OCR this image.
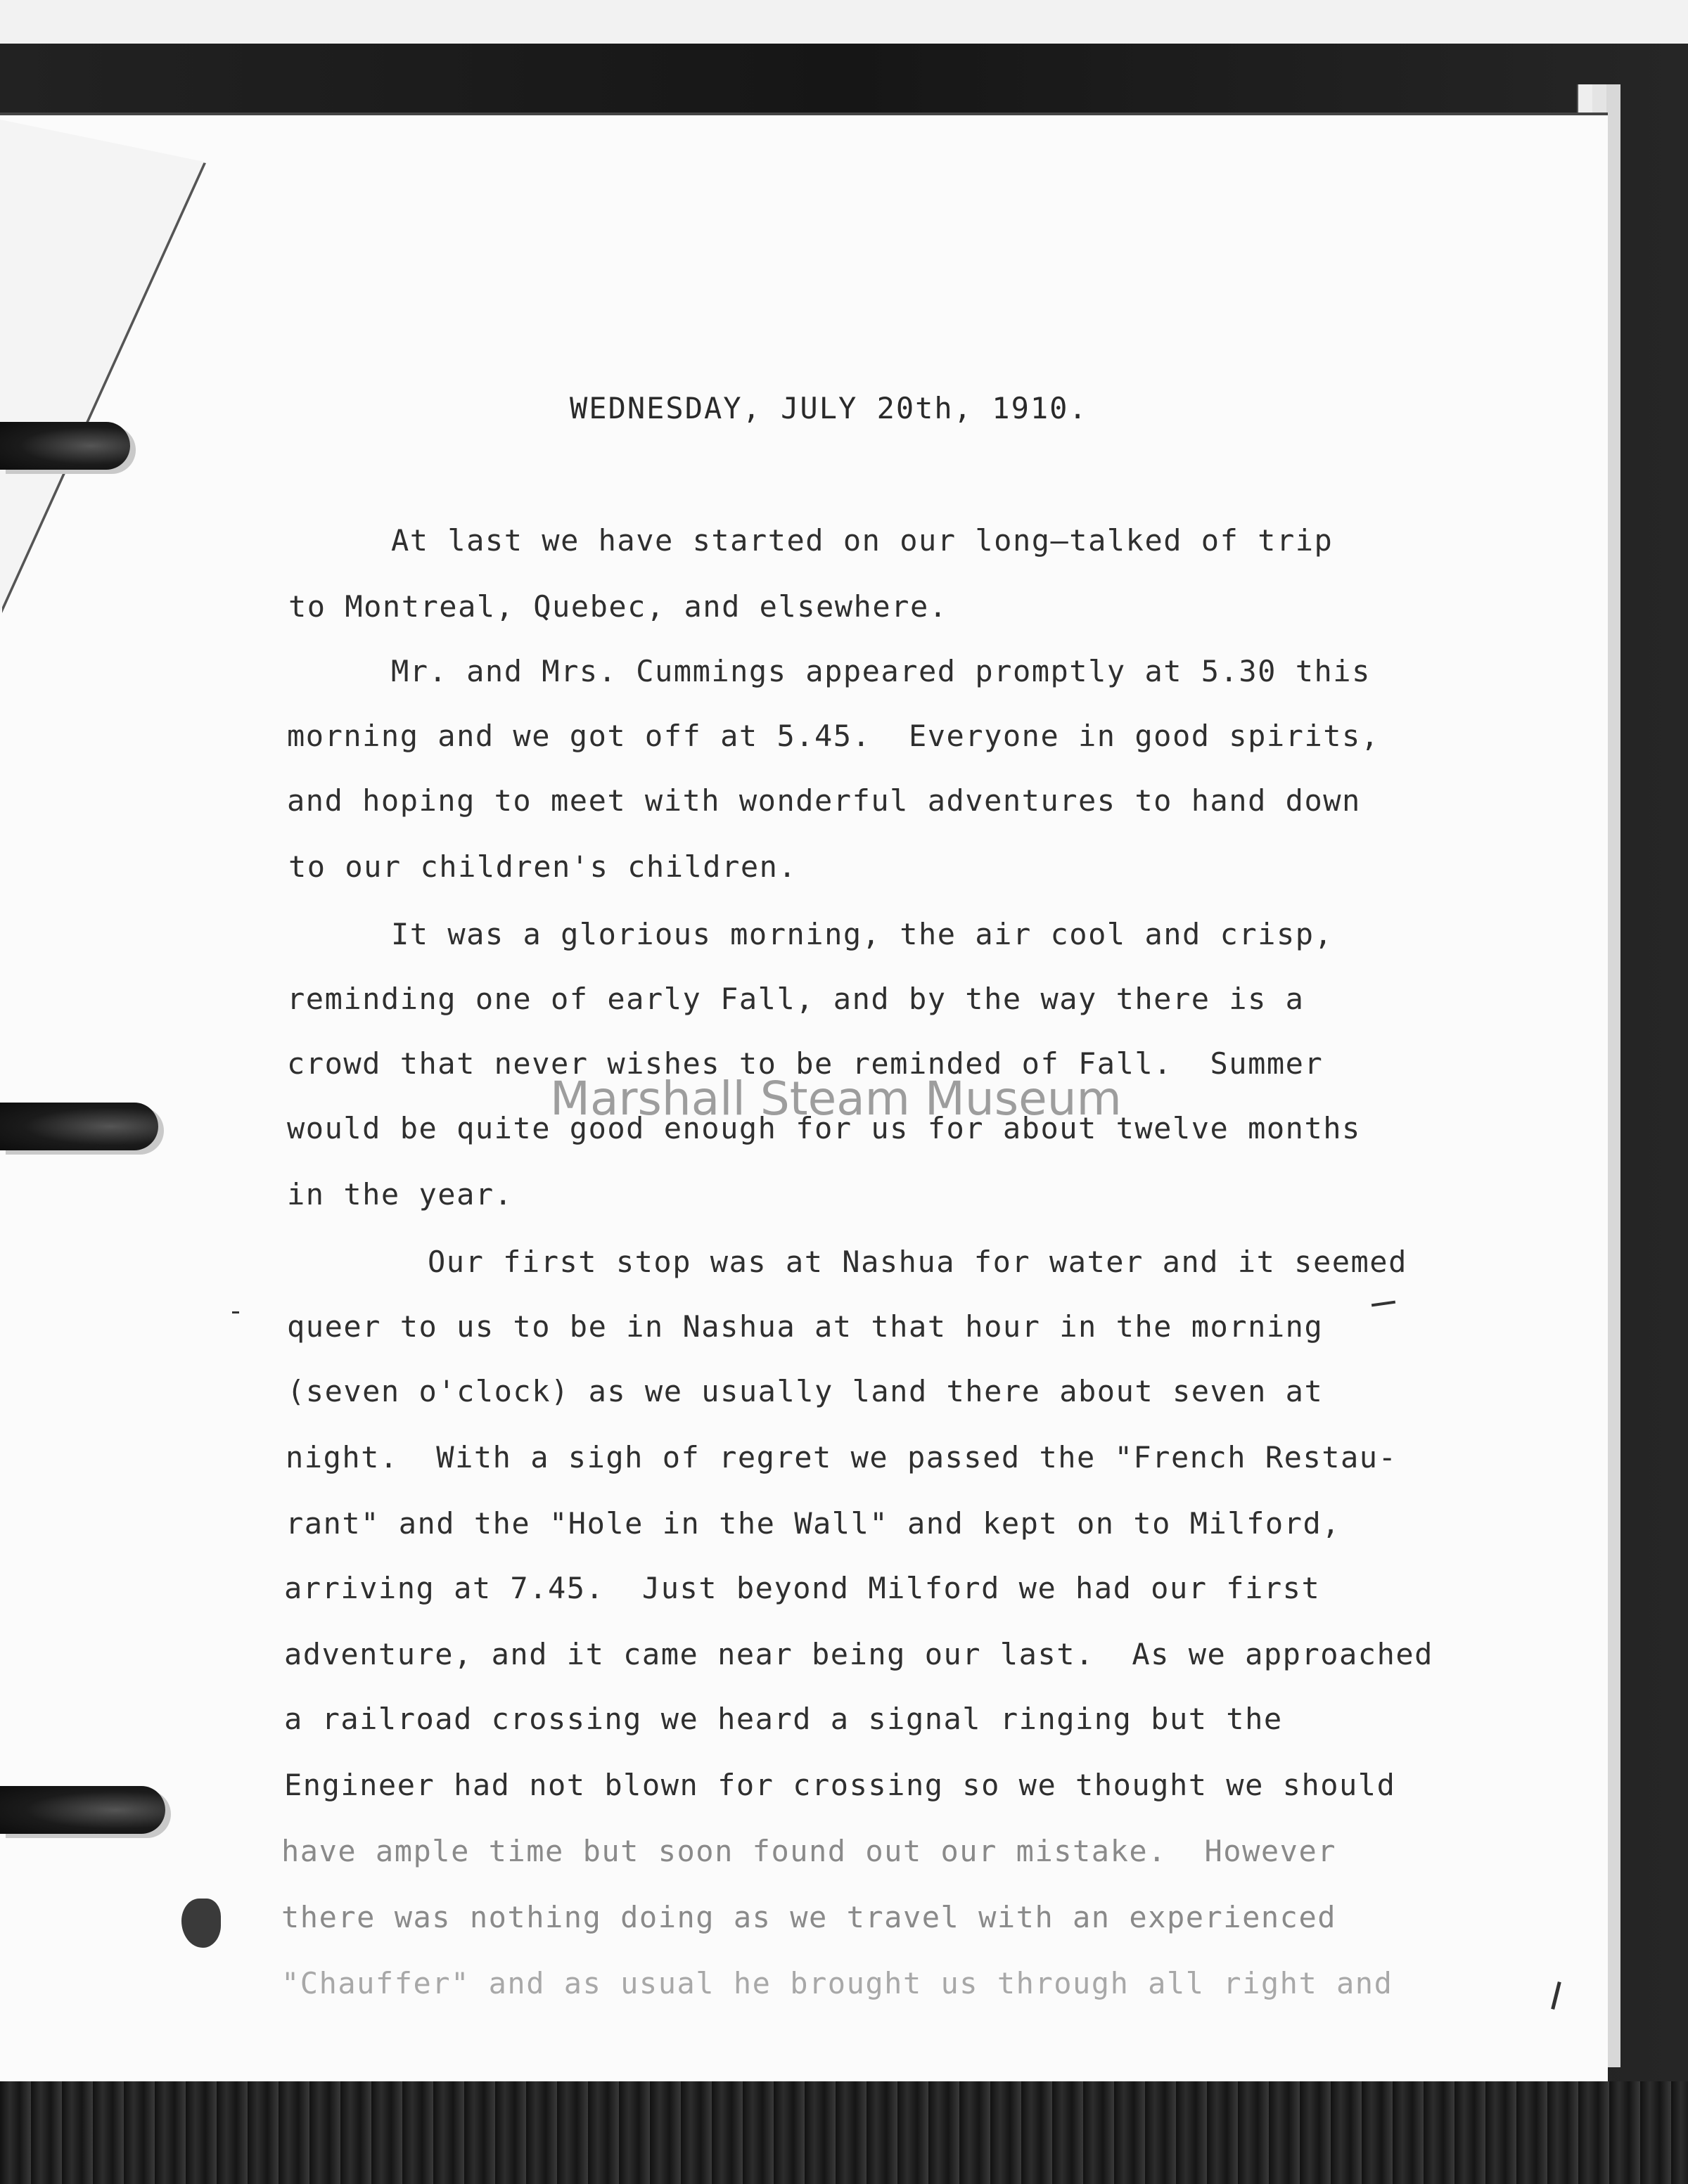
WEDNESDAY, JULY 20th, 1910.
At last we have started on our long—talked of trip
to Montreal, Quebec, and elsewhere.
Mr. and Mrs. Cummings appeared promptly at 5.30 this
morning and we got off at 5.45.  Everyone in good spirits,
and hoping to meet with wonderful adventures to hand down
to our children's children.
It was a glorious morning, the air cool and crisp,
reminding one of early Fall, and by the way there is a
crowd that never wishes to be reminded of Fall.  Summer
would be quite good enough for us for about twelve months
in the year.
Our first stop was at Nashua for water and it seemed
queer to us to be in Nashua at that hour in the morning
(seven o'clock) as we usually land there about seven at
night.  With a sigh of regret we passed the "French Restau-
rant" and the "Hole in the Wall" and kept on to Milford,
arriving at 7.45.  Just beyond Milford we had our first
adventure, and it came near being our last.  As we approached
a railroad crossing we heard a signal ringing but the
Engineer had not blown for crossing so we thought we should
have ample time but soon found out our mistake.  However
there was nothing doing as we travel with an experienced
"Chauffer" and as usual he brought us through all right and
Marshall Steam Museum
